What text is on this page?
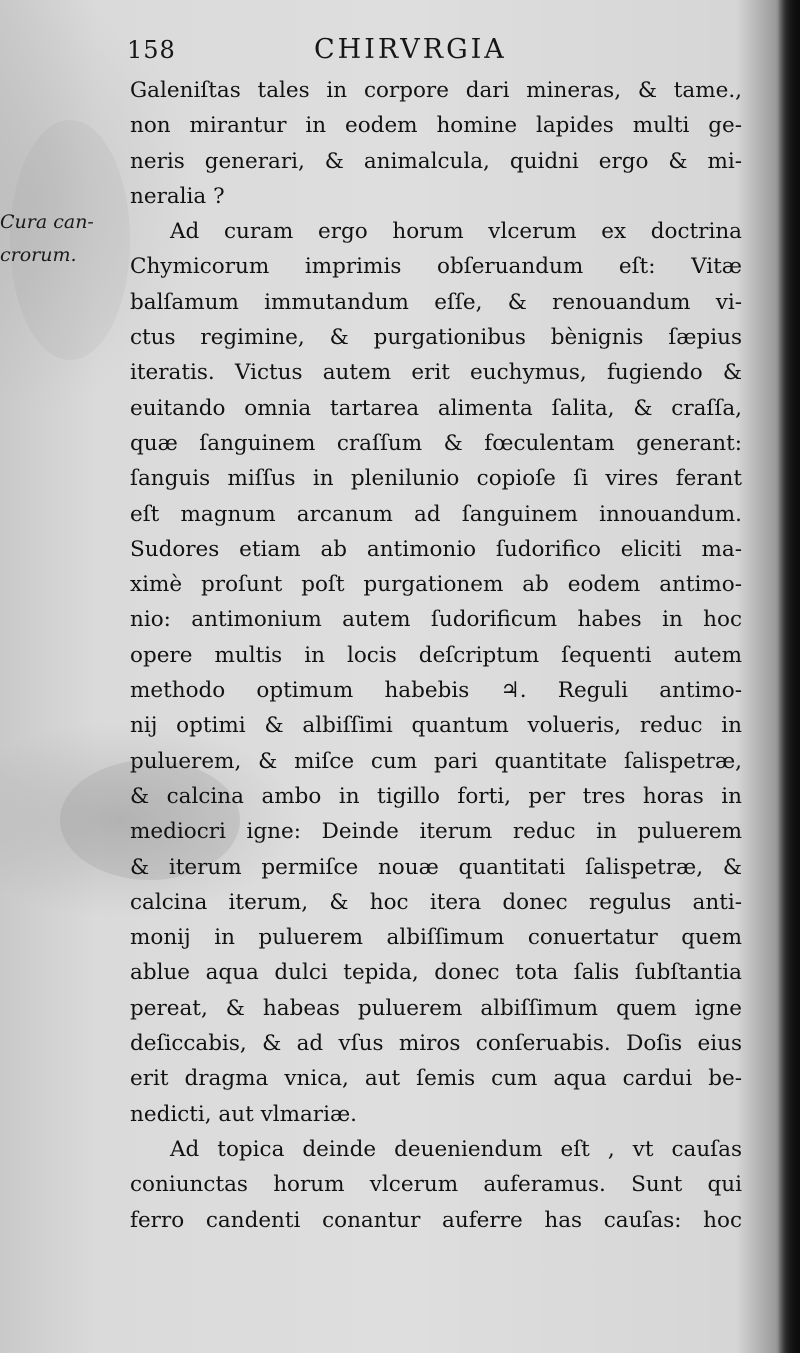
158	CHIRVRGIA
Cura can-
crorum.
Galeniſtas tales in corpore dari mineras, & tame.,
non mirantur in eodem homine lapides multi ge-
neris generari, & animalcula, quidni ergo & mi-
neralia ?
Ad curam ergo horum vlcerum ex doctrina
Chymicorum imprimis obſeruandum eſt: Vitæ
balſamum immutandum eſſe, & renouandum vi-
ctus regimine, & purgationibus bènignis ſæpius
iteratis. Victus autem erit euchymus, fugiendo &
euitando omnia tartarea alimenta ſalita, & craſſa,
quæ ſanguinem craſſum & fœculentam generant:
ſanguis miſſus in plenilunio copioſe ſi vires ferant
eſt magnum arcanum ad ſanguinem innouandum.
Sudores etiam ab antimonio ſudorifico eliciti ma-
ximè proſunt poſt purgationem ab eodem antimo-
nio: antimonium autem ſudorificum habes in hoc
opere multis in locis deſcriptum ſequenti autem
methodo optimum habebis ♃. Reguli antimo-
nij optimi & albiſſimi quantum volueris, reduc in
puluerem, & miſce cum pari quantitate ſalispetræ,
& calcina ambo in tigillo forti, per tres horas in
mediocri igne: Deinde iterum reduc in puluerem
& iterum permiſce nouæ quantitati ſalispetræ, &
calcina iterum, & hoc itera donec regulus anti-
monij in puluerem albiſſimum conuertatur quem
ablue aqua dulci tepida, donec tota ſalis ſubſtantia
pereat, & habeas puluerem albiſſimum quem igne
deſiccabis, & ad vſus miros conſeruabis. Doſis eius
erit dragma vnica, aut ſemis cum aqua cardui be-
nedicti, aut vlmariæ.
Ad topica deinde deueniendum eſt , vt cauſas
coniunctas horum vlcerum auferamus. Sunt qui
ferro candenti conantur auferre has cauſas: hoc
